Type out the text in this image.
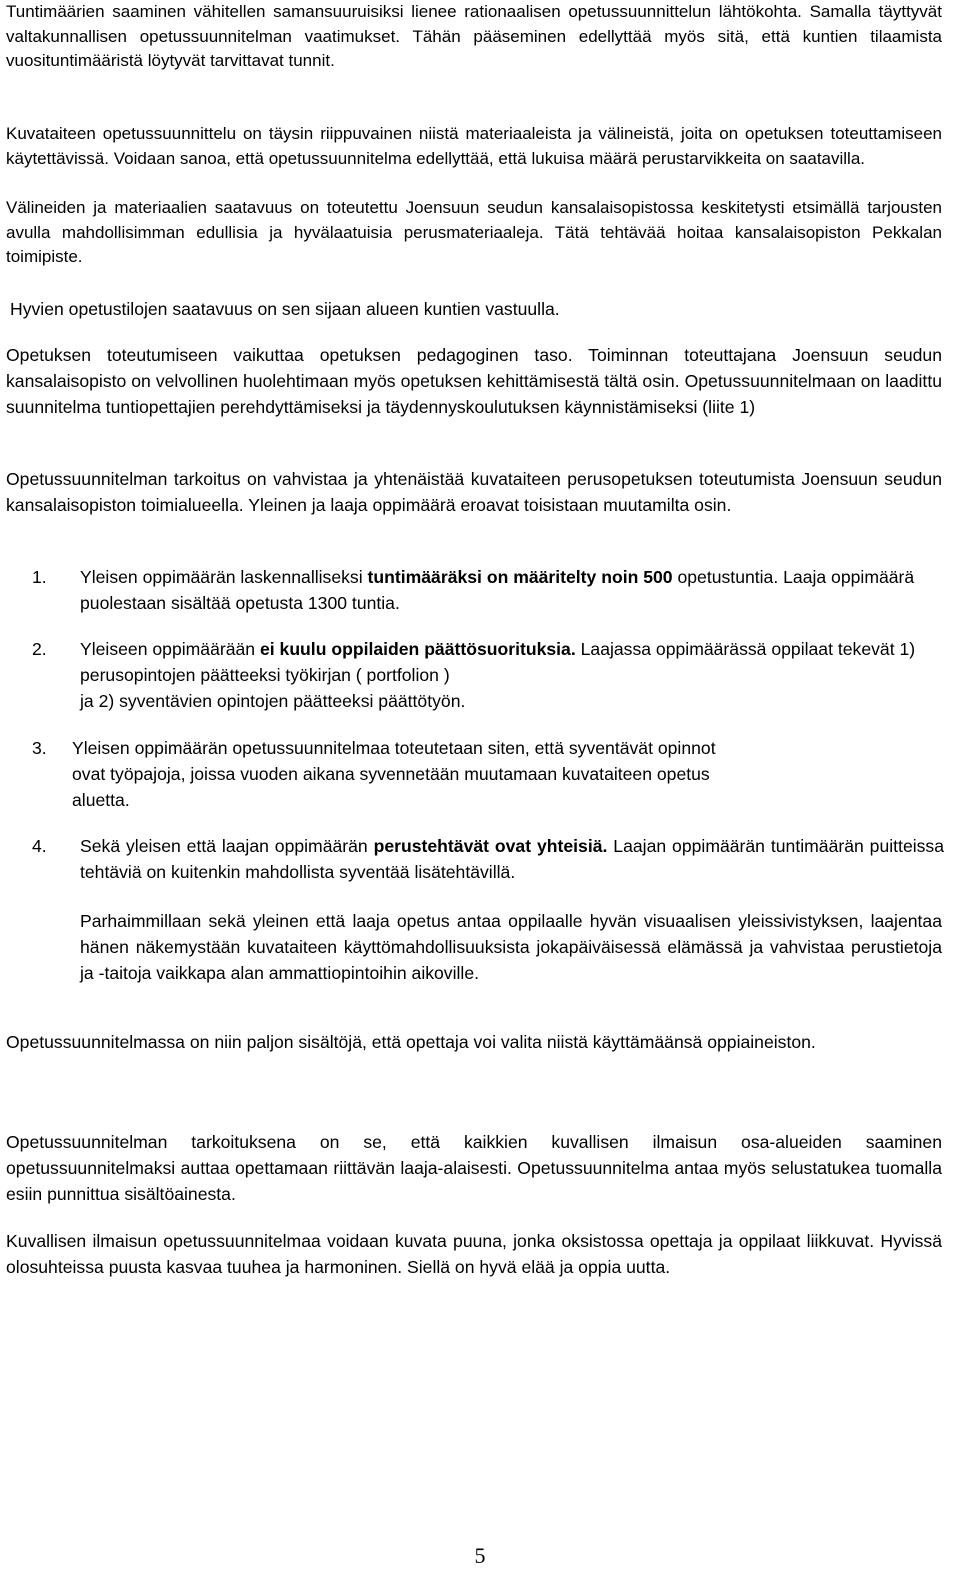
Tuntimäärien saaminen vähitellen samansuuruisiksi lienee rationaalisen opetussuunnittelun lähtökohta. Samalla täyttyvät valtakunnallisen opetussuunnitelman vaatimukset. Tähän pääseminen edellyttää myös sitä, että kuntien tilaamista vuosituntimääristä löytyvät tarvittavat tunnit.

Kuvataiteen opetussuunnittelu on täysin riippuvainen niistä materiaaleista ja välineistä, joita on opetuksen toteuttamiseen käytettävissä. Voidaan sanoa, että opetussuunnitelma edellyttää, että lukuisa määrä perustarvikkeita on saatavilla.

Välineiden ja materiaalien saatavuus on toteutettu Joensuun seudun kansalaisopistossa keskitetysti etsimällä tarjousten avulla mahdollisimman edullisia ja hyvälaatuisia perusmateriaaleja. Tätä tehtävää hoitaa kansalaisopiston Pekkalan toimipiste.

Hyvien opetustilojen saatavuus on sen sijaan alueen kuntien vastuulla.

Opetuksen toteutumiseen vaikuttaa opetuksen pedagoginen taso. Toiminnan toteuttajana Joensuun seudun kansalaisopisto on velvollinen huolehtimaan myös opetuksen kehittämisestä tältä osin. Opetussuunnitelmaan on laadittu suunnitelma tuntiopettajien perehdyttämiseksi ja täydennyskoulutuksen käynnistämiseksi (liite 1)

Opetussuunnitelman tarkoitus on vahvistaa ja yhtenäistää kuvataiteen perusopetuksen toteutumista Joensuun seudun kansalaisopiston toimialueella. Yleinen ja laaja oppimäärä eroavat toisistaan muutamilta osin.

1. Yleisen oppimäärän laskennalliseksi tuntimääräksi on määritelty noin 500 opetustuntia. Laaja oppimäärä puolestaan sisältää opetusta 1300 tuntia.
2. Yleiseen oppimäärään ei kuulu oppilaiden päättösuorituksia. Laajassa oppimäärässä oppilaat tekevät 1) perusopintojen päätteeksi työkirjan ( portfolion )
ja 2) syventävien opintojen päätteeksi päättötyön.
3. Yleisen oppimäärän opetussuunnitelmaa toteutetaan siten, että syventävät opinnot
ovat työpajoja, joissa vuoden aikana syvennetään muutamaan kuvataiteen opetus
aluetta.
4. Sekä yleisen että laajan oppimäärän perustehtävät ovat yhteisiä. Laajan oppimäärän tuntimäärän puitteissa tehtäviä on kuitenkin mahdollista syventää lisätehtävillä.

Parhaimmillaan sekä yleinen että laaja opetus antaa oppilaalle hyvän visuaalisen yleissivistyksen, laajentaa hänen näkemystään kuvataiteen käyttömahdollisuuksista jokapäiväisessä elämässä ja vahvistaa perustietoja ja -taitoja vaikkapa alan ammattiopintoihin aikoville.

Opetussuunnitelmassa on niin paljon sisältöjä, että opettaja voi valita niistä käyttämäänsä oppiaineiston.

Opetussuunnitelman tarkoituksena on se, että kaikkien kuvallisen ilmaisun osa-alueiden saaminen opetussuunnitelmaksi auttaa opettamaan riittävän laaja-alaisesti. Opetussuunnitelma antaa myös selustatukea tuomalla esiin punnittua sisältöainesta.

Kuvallisen ilmaisun opetussuunnitelmaa voidaan kuvata puuna, jonka oksistossa opettaja ja oppilaat liikkuvat. Hyvissä olosuhteissa puusta kasvaa tuuhea ja harmoninen. Siellä on hyvä elää ja oppia uutta.

5
